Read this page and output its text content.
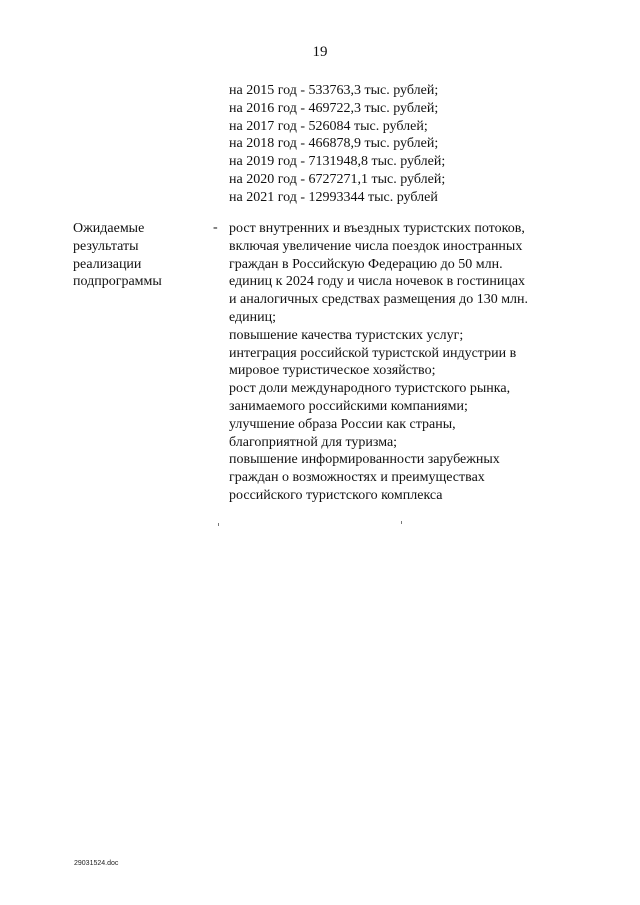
19
на 2015 год - 533763,3 тыс. рублей;
на 2016 год - 469722,3 тыс. рублей;
на 2017 год - 526084 тыс. рублей;
на 2018 год - 466878,9 тыс. рублей;
на 2019 год - 7131948,8 тыс. рублей;
на 2020 год - 6727271,1 тыс. рублей;
на 2021 год - 12993344 тыс. рублей
Ожидаемые
результаты
реализации
подпрограммы
- рост внутренних и въездных туристских потоков,
включая увеличение числа поездок иностранных
граждан в Российскую Федерацию до 50 млн.
единиц к 2024 году и числа ночевок в гостиницах
и аналогичных средствах размещения до 130 млн.
единиц;
повышение качества туристских услуг;
интеграция российской туристской индустрии в
мировое туристическое хозяйство;
рост доли международного туристского рынка,
занимаемого российскими компаниями;
улучшение образа России как страны,
благоприятной для туризма;
повышение информированности зарубежных
граждан о возможностях и преимуществах
российского туристского комплекса
29031524.doc
